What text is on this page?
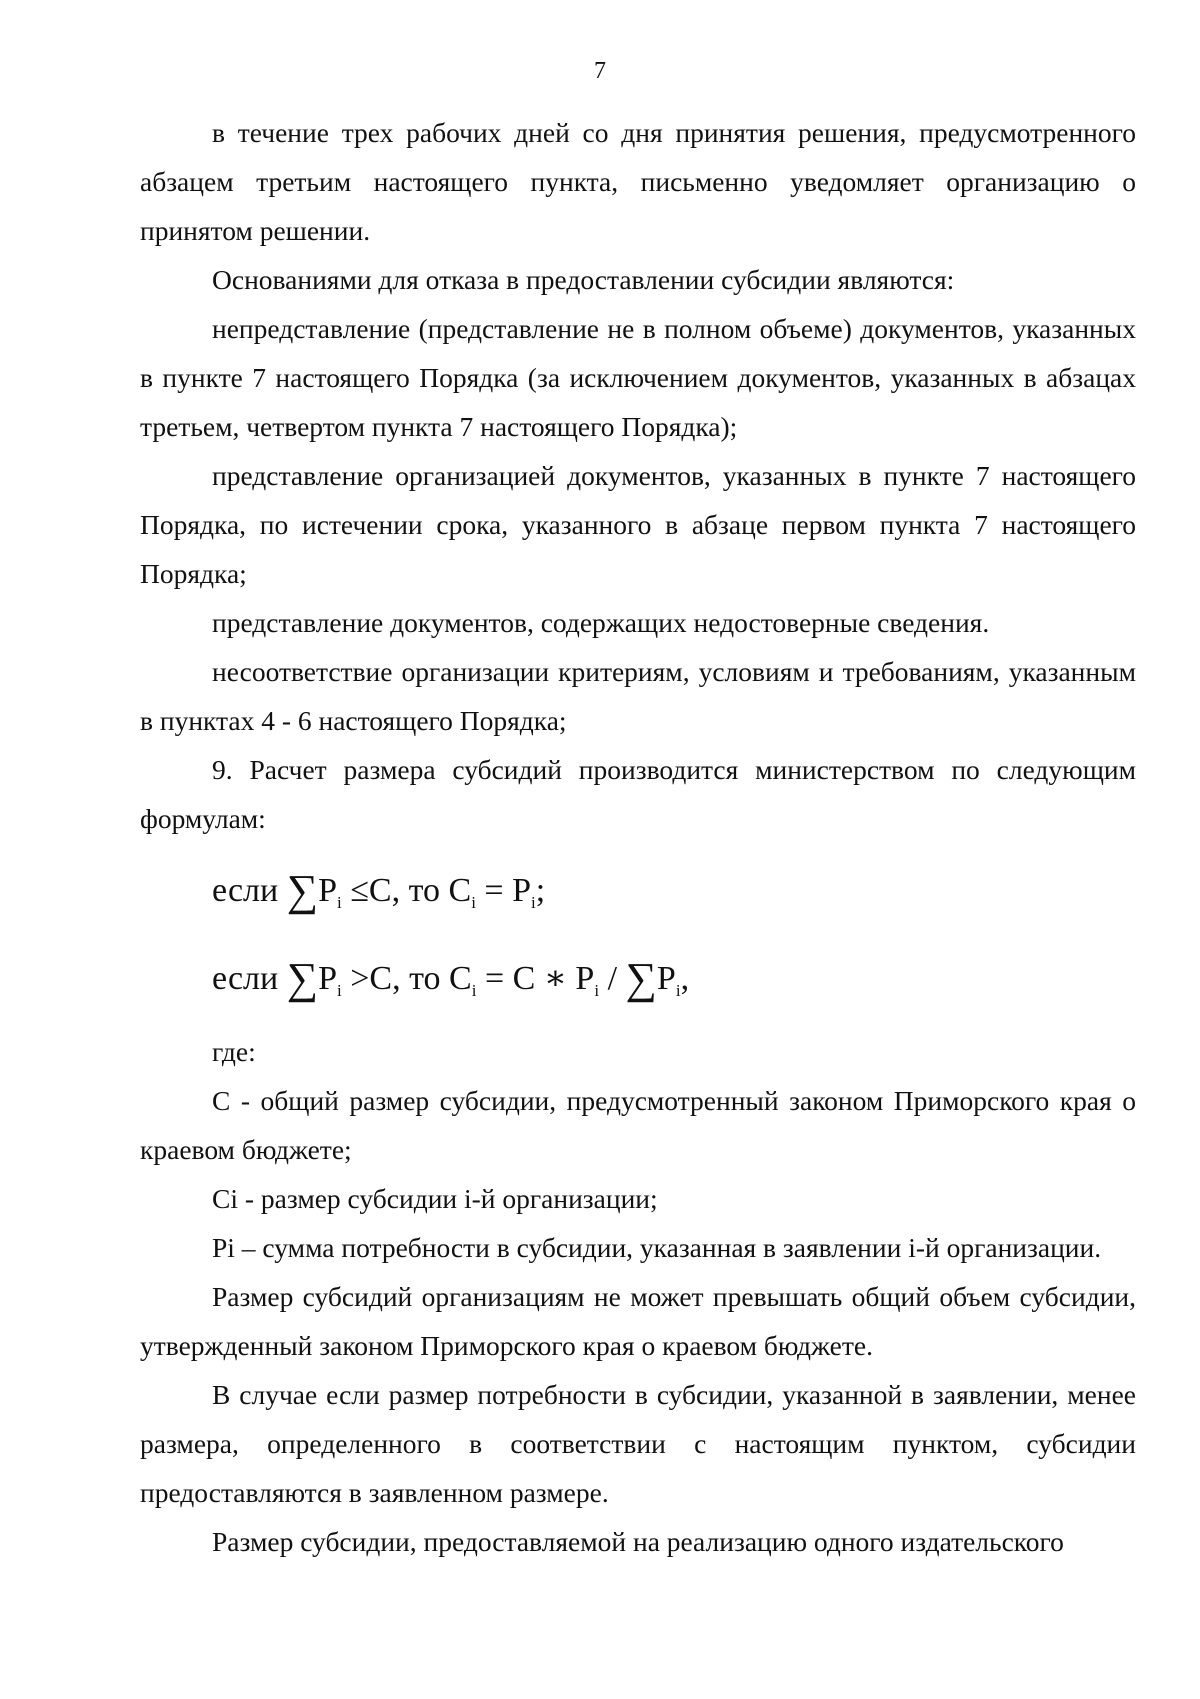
7

в течение трех рабочих дней со дня принятия решения, предусмотренного абзацем третьим настоящего пункта, письменно уведомляет организацию о принятом решении.

Основаниями для отказа в предоставлении субсидии являются:

непредставление (представление не в полном объеме) документов, указанных в пункте 7 настоящего Порядка (за исключением документов, указанных в абзацах третьем, четвертом пункта 7 настоящего Порядка);

представление организацией документов, указанных в пункте 7 настоящего Порядка, по истечении срока, указанного в абзаце первом пункта 7 настоящего Порядка;

представление документов, содержащих недостоверные сведения.

несоответствие организации критериям, условиям и требованиям, указанным в пунктах 4 - 6 настоящего Порядка;

9. Расчет размера субсидий производится министерством по следующим формулам:

если $\sum P_i \le C$, то $C_i = P_i$;
если $\sum P_i >C$, то $C_i = C$ ∗ $P_i / \sum P_i$,

где:

C - общий размер субсидии, предусмотренный законом Приморского края о краевом бюджете;

Ci - размер субсидии i-й организации;

Pi – сумма потребности в субсидии, указанная в заявлении i-й организации.

Размер субсидий организациям не может превышать общий объем субсидии, утвержденный законом Приморского края о краевом бюджете.

В случае если размер потребности в субсидии, указанной в заявлении, менее размера, определенного в соответствии с настоящим пунктом, субсидии предоставляются в заявленном размере.

Размер субсидии, предоставляемой на реализацию одного издательского
